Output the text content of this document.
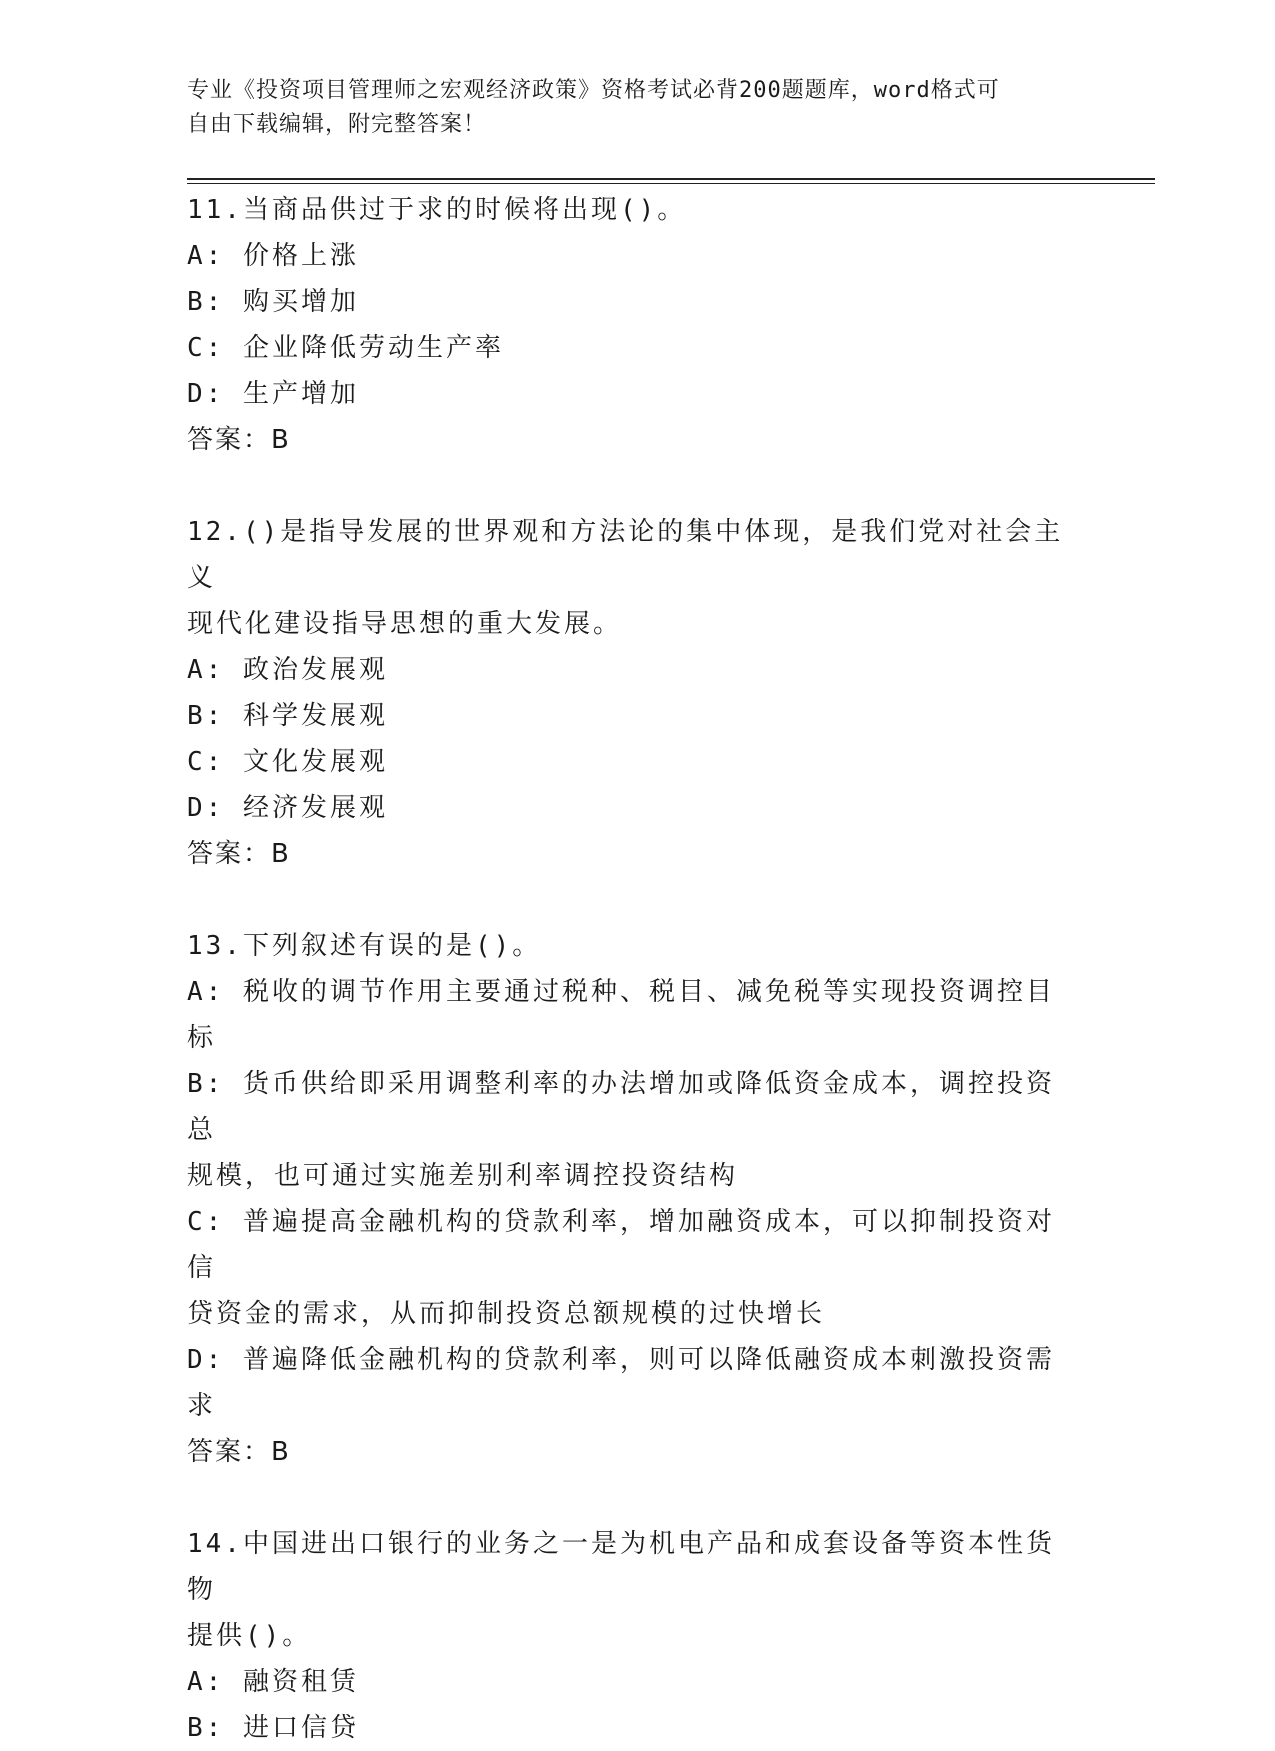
专业《投资项目管理师之宏观经济政策》资格考试必背200题题库，word格式可
自由下载编辑，附完整答案！
11.当商品供过于求的时候将出现()。
A: 价格上涨
B: 购买增加
C: 企业降低劳动生产率
D: 生产增加
答案：B
12.()是指导发展的世界观和方法论的集中体现，是我们党对社会主义
现代化建设指导思想的重大发展。
A: 政治发展观
B: 科学发展观
C: 文化发展观
D: 经济发展观
答案：B
13.下列叙述有误的是()。
A: 税收的调节作用主要通过税种、税目、减免税等实现投资调控目标
B: 货币供给即采用调整利率的办法增加或降低资金成本，调控投资总
规模，也可通过实施差别利率调控投资结构
C: 普遍提高金融机构的贷款利率，增加融资成本，可以抑制投资对信
贷资金的需求，从而抑制投资总额规模的过快增长
D: 普遍降低金融机构的贷款利率，则可以降低融资成本刺激投资需求
答案：B
14.中国进出口银行的业务之一是为机电产品和成套设备等资本性货物
提供()。
A: 融资租赁
B: 进口信贷
